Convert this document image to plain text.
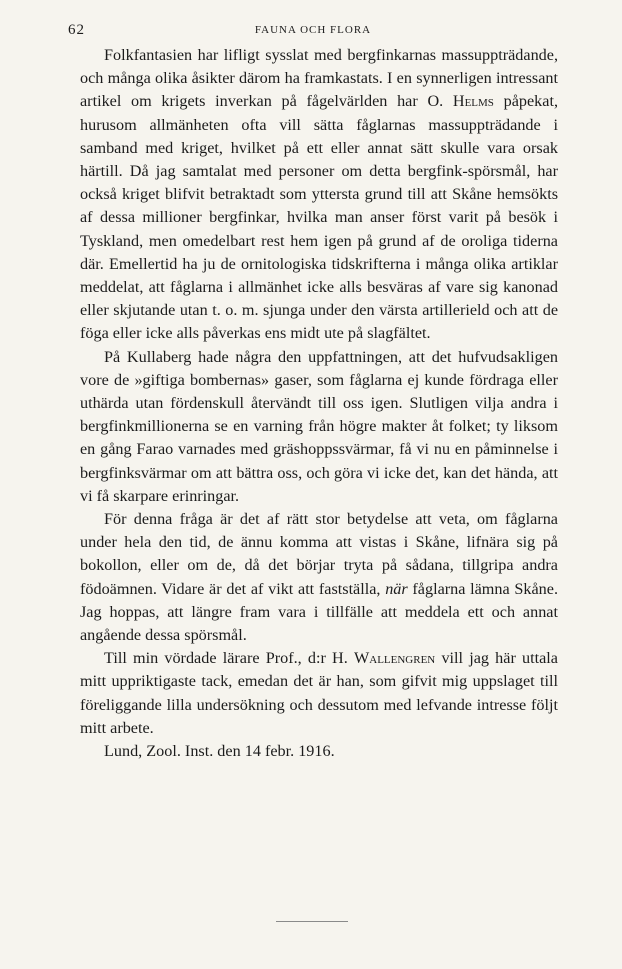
62	FAUNA OCH FLORA

Folkfantasien har lifligt sysslat med bergfinkarnas massuppträdande, och många olika åsikter därom ha framkastats. I en synnerligen intressant artikel om krigets inverkan på fågelvärlden har O. Helms påpekat, hurusom allmänheten ofta vill sätta fåglarnas massuppträdande i samband med kriget, hvilket på ett eller annat sätt skulle vara orsak härtill. Då jag samtalat med personer om detta bergfink-spörsmål, har också kriget blifvit betraktadt som yttersta grund till att Skåne hemsökts af dessa millioner bergfinkar, hvilka man anser först varit på besök i Tyskland, men omedelbart rest hem igen på grund af de oroliga tiderna där. Emellertid ha ju de ornitologiska tidskrifterna i många olika artiklar meddelat, att fåglarna i allmänhet icke alls besväras af vare sig kanonad eller skjutande utan t. o. m. sjunga under den värsta artillerield och att de föga eller icke alls påverkas ens midt ute på slagfältet.

På Kullaberg hade några den uppfattningen, att det hufvudsakligen vore de »giftiga bombernas» gaser, som fåglarna ej kunde fördraga eller uthärda utan fördenskull återvändt till oss igen. Slutligen vilja andra i bergfinkmillionerna se en varning från högre makter åt folket; ty liksom en gång Farao varnades med gräshoppssvärmar, få vi nu en påminnelse i bergfinksvärmar om att bättra oss, och göra vi icke det, kan det hända, att vi få skarpare erinringar.

För denna fråga är det af rätt stor betydelse att veta, om fåglarna under hela den tid, de ännu komma att vistas i Skåne, lifnära sig på bokollon, eller om de, då det börjar tryta på sådana, tillgripa andra födoämnen. Vidare är det af vikt att fastställa, när fåglarna lämna Skåne. Jag hoppas, att längre fram vara i tillfälle att meddela ett och annat angående dessa spörsmål.

Till min vördade lärare Prof., d:r H. Wallengren vill jag här uttala mitt uppriktigaste tack, emedan det är han, som gifvit mig uppslaget till föreliggande lilla undersökning och dessutom med lefvande intresse följt mitt arbete.

Lund, Zool. Inst. den 14 febr. 1916.
